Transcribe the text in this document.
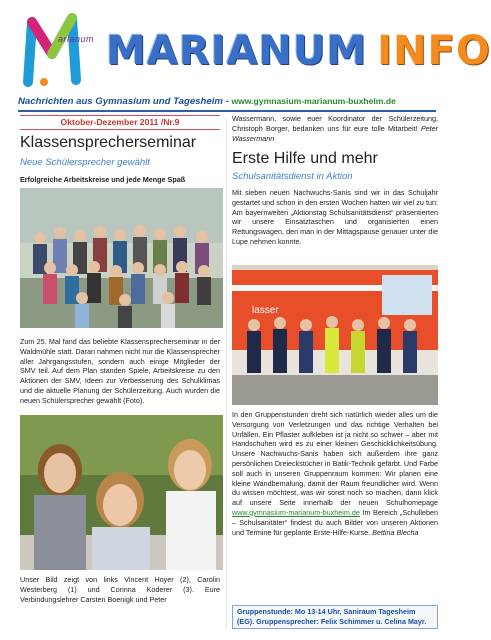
arianum MARIANUM INFO
Nachrichten aus Gymnasium und Tagesheim - www.gymnasium-marianum-buxheim.de
Oktober-Dezember 2011 /Nr.9
Klassensprecherseminar
Neue Schülersprecher gewählt
Erfolgreiche Arbeitskreise und jede Menge Spaß
Zum 25. Mal fand das beliebte Klassensprecherseminar in der Waldmühle statt. Daran nahmen nicht nur die Klassensprecher aller Jahrgangsstufen, sondern auch einige Mitglieder der SMV teil. Auf dem Plan standen Spiele, Arbeitskreise zu den Aktionen der SMV, Ideen zur Verbesserung des Schulklimas und die aktuelle Planung der Schülerzeitung. Auch wurden die neuen Schülersprecher gewählt (Foto).
Unser Bild zeigt von links Vincent Hoyer (2), Carolin Westerberg (1) und Corinna Koderer (3). Eure Verbindungslehrer Carsten Boenigk und Peter
Wassermann, sowie euer Koordinator der Schülerzeitung, Christoph Borger, bedanken uns für eure tolle Mitarbeit! Peter Wassermann
Erste Hilfe und mehr
Schulsanitätsdienst in Aktion
Mit sieben neuen Nachwuchs-Sanis sind wir in das Schuljahr gestartet und schon in den ersten Wochen hatten wir viel zu tun: Am bayernweiten „Aktionstag Schulsanitätsdienst“ präsentierten wir unsere Einsatztaschen und organisierten einen Rettungswagen, den man in der Mittagspause genauer unter die Lupe nehmen konnte.
lasser
In den Gruppenstunden dreht sich natürlich wieder alles um die Versorgung von Verletzungen und das richtige Verhalten bei Unfällen. Ein Pflaster aufkleben ist ja nicht so schwer – aber mit Handschuhen wird es zu einer kleinen Geschicklichkeitsübung. Unsere Nachwuchs-Sanis haben sich außerdem ihre ganz persönlichen Dreieckstücher in Batik-Technik gefärbt. Und Farbe soll auch in unseren Gruppenraum kommen: Wir planen eine kleine Wandbemalung, damit der Raum freundlicher wird. Wenn du wissen möchtest, was wir sonst noch so machen, dann klick auf unsere Seite innerhalb der neuen Schulhomepage www.gymnasium-marianum-buxheim.de Im Bereich „Schulleben – Schulsanitäter“ findest du auch Bilder von unseren Aktionen und Termine für geplante Erste-Hilfe-Kurse. Bettina Blecha
Gruppenstunde: Mo 13-14 Uhr, Saniraum Tagesheim (EG). Gruppensprecher: Felix Schimmer u. Celina Mayr.
